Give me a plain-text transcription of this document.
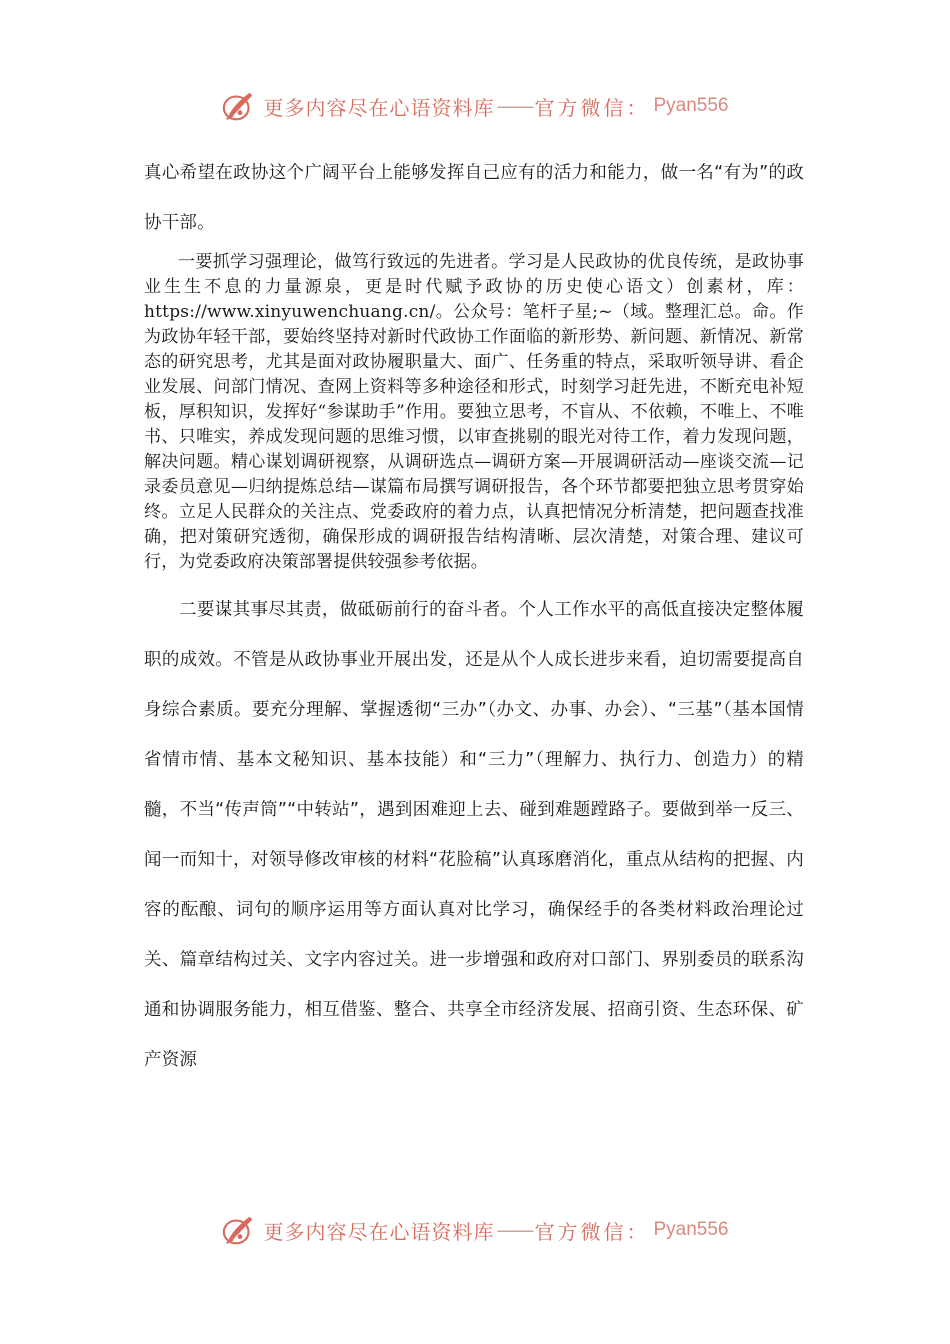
更多内容尽在心语资料库 —— 官方微信： Pyan556

真心希望在政协这个广阔平台上能够发挥自己应有的活力和能力，做一名“有为”的政协干部。

一要抓学习强理论，做笃行致远的先进者。学习是人民政协的优良传统，是政协事业生生不息的力量源泉，更是时代赋予政协的历史使心语文）创素材，库：https://www.xinyuwenchuang.cn/。公众号：笔杆子星;~（域。整理汇总。命。作为政协年轻干部，要始终坚持对新时代政协工作面临的新形势、新问题、新情况、新常态的研究思考，尤其是面对政协履职量大、面广、任务重的特点，采取听领导讲、看企业发展、问部门情况、查网上资料等多种途径和形式，时刻学习赶先进，不断充电补短板，厚积知识，发挥好“参谋助手”作用。要独立思考，不盲从、不依赖，不唯上、不唯书、只唯实，养成发现问题的思维习惯，以审查挑剔的眼光对待工作，着力发现问题，解决问题。精心谋划调研视察，从调研选点—调研方案—开展调研活动—座谈交流—记录委员意见—归纳提炼总结—谋篇布局撰写调研报告，各个环节都要把独立思考贯穿始终。立足人民群众的关注点、党委政府的着力点，认真把情况分析清楚，把问题查找准确，把对策研究透彻，确保形成的调研报告结构清晰、层次清楚，对策合理、建议可行，为党委政府决策部署提供较强参考依据。

二要谋其事尽其责，做砥砺前行的奋斗者。个人工作水平的高低直接决定整体履职的成效。不管是从政协事业开展出发，还是从个人成长进步来看，迫切需要提高自身综合素质。要充分理解、掌握透彻“三办”（办文、办事、办会）、“三基”（基本国情省情市情、基本文秘知识、基本技能）和“三力”（理解力、执行力、创造力）的精髓，不当“传声筒”“中转站”，遇到困难迎上去、碰到难题蹚路子。要做到举一反三、闻一而知十，对领导修改审核的材料“花脸稿”认真琢磨消化，重点从结构的把握、内容的酝酿、词句的顺序运用等方面认真对比学习，确保经手的各类材料政治理论过关、篇章结构过关、文字内容过关。进一步增强和政府对口部门、界别委员的联系沟通和协调服务能力，相互借鉴、整合、共享全市经济发展、招商引资、生态环保、矿产资源

更多内容尽在心语资料库 —— 官方微信： Pyan556
